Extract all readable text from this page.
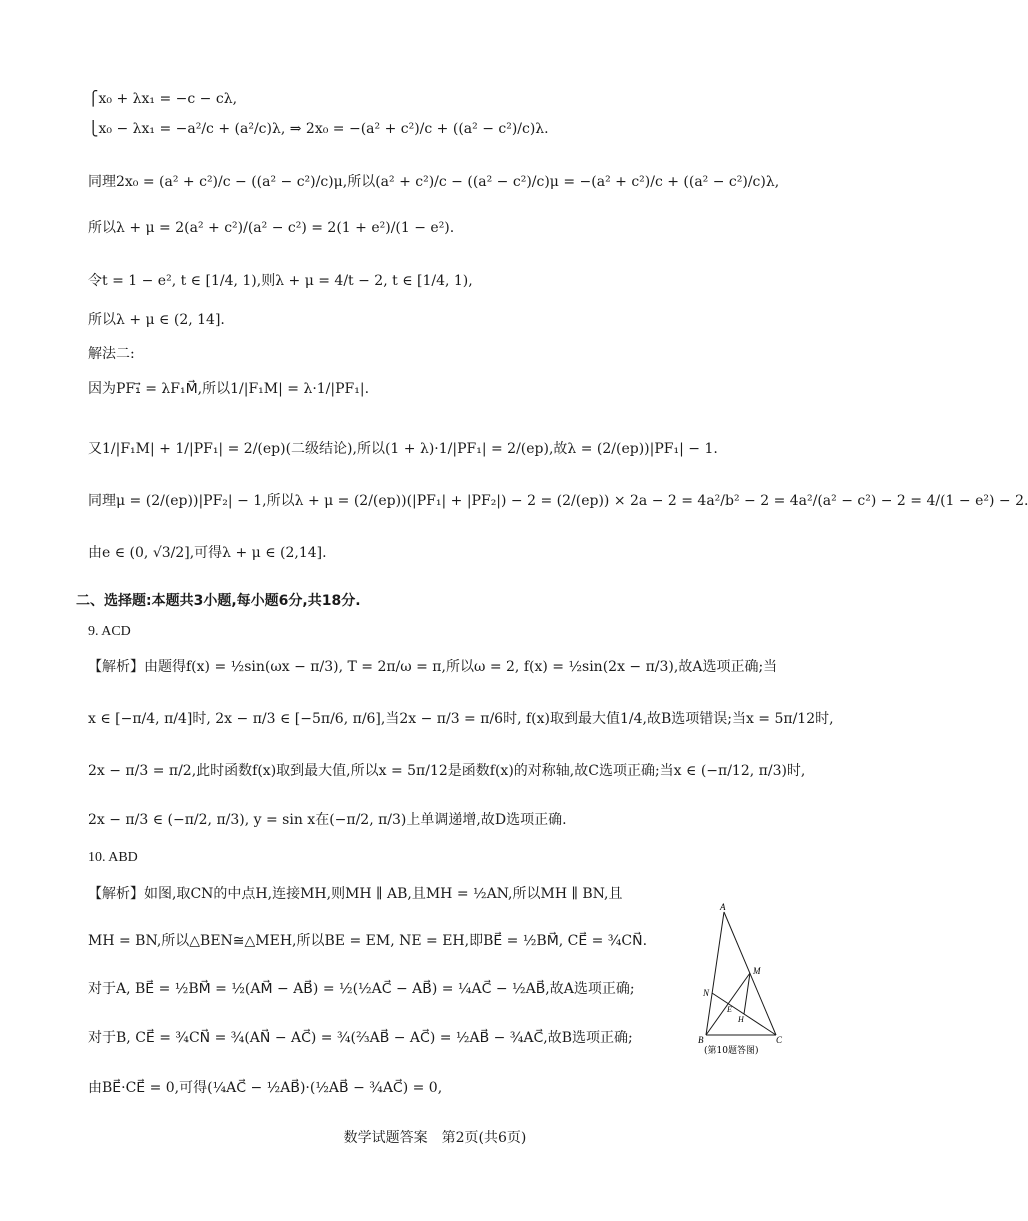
⎧x₀ + λx₁ = −c − cλ,
⎩x₀ − λx₁ = −a²/c + (a²/c)λ, ⇒ 2x₀ = −(a² + c²)/c + ((a² − c²)/c)λ.
同理2x₀ = (a² + c²)/c − ((a² − c²)/c)μ,所以(a² + c²)/c − ((a² − c²)/c)μ = −(a² + c²)/c + ((a² − c²)/c)λ,
所以λ + μ = 2(a² + c²)/(a² − c²) = 2(1 + e²)/(1 − e²).
令t = 1 − e², t ∈ [1/4, 1),则λ + μ = 4/t − 2, t ∈ [1/4, 1),
所以λ + μ ∈ (2, 14].
解法二:
因为PF₁⃗ = λF₁M⃗,所以1/|F₁M| = λ·1/|PF₁|.
又1/|F₁M| + 1/|PF₁| = 2/(ep)(二级结论),所以(1 + λ)·1/|PF₁| = 2/(ep),故λ = (2/(ep))|PF₁| − 1.
同理μ = (2/(ep))|PF₂| − 1,所以λ + μ = (2/(ep))(|PF₁| + |PF₂|) − 2 = (2/(ep)) × 2a − 2 = 4a²/b² − 2 = 4a²/(a² − c²) − 2 = 4/(1 − e²) − 2.
由e ∈ (0, √3/2],可得λ + μ ∈ (2,14].
二、选择题:本题共3小题,每小题6分,共18分.
9. ACD
【解析】由题得f(x) = ½sin(ωx − π/3), T = 2π/ω = π,所以ω = 2, f(x) = ½sin(2x − π/3),故A选项正确;当
x ∈ [−π/4, π/4]时, 2x − π/3 ∈ [−5π/6, π/6],当2x − π/3 = π/6时, f(x)取到最大值1/4,故B选项错误;当x = 5π/12时,
2x − π/3 = π/2,此时函数f(x)取到最大值,所以x = 5π/12是函数f(x)的对称轴,故C选项正确;当x ∈ (−π/12, π/3)时,
2x − π/3 ∈ (−π/2, π/3), y = sin x在(−π/2, π/3)上单调递增,故D选项正确.
10. ABD
【解析】如图,取CN的中点H,连接MH,则MH ∥ AB,且MH = ½AN,所以MH ∥ BN,且
MH = BN,所以△BEN≅△MEH,所以BE = EM, NE = EH,即BE⃗ = ½BM⃗, CE⃗ = ¾CN⃗.
对于A, BE⃗ = ½BM⃗ = ½(AM⃗ − AB⃗) = ½(½AC⃗ − AB⃗) = ¼AC⃗ − ½AB⃗,故A选项正确;
对于B, CE⃗ = ¾CN⃗ = ¾(AN⃗ − AC⃗) = ¾(⅔AB⃗ − AC⃗) = ½AB⃗ − ¾AC⃗,故B选项正确;
由BE⃗·CE⃗ = 0,可得(¼AC⃗ − ½AB⃗)·(½AB⃗ − ¾AC⃗) = 0,
A
M
N
E
H
B	C
(第10题答图)
数学试题答案　第2页(共6页)
